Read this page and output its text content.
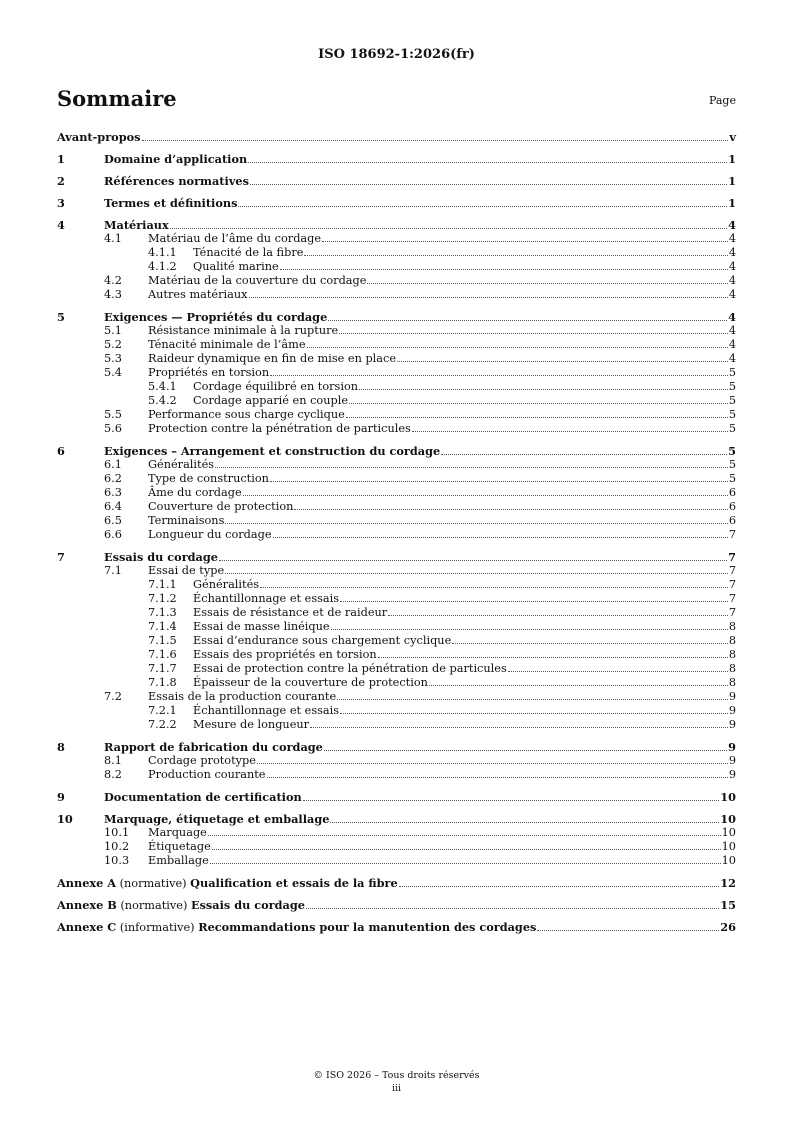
ISO 18692-1:2026(fr)
Sommaire	Page
Avant-propos	v
1	Domaine d’application	1
2	Références normatives	1
3	Termes et définitions	1
4	Matériaux	4
4.1 Matériau de l’âme du cordage	4
4.1.1 Ténacité de la fibre	4
4.1.2 Qualité marine	4
4.2 Matériau de la couverture du cordage	4
4.3 Autres matériaux	4
5	Exigences — Propriétés du cordage	4
5.1 Résistance minimale à la rupture	4
5.2 Ténacité minimale de l’âme	4
5.3 Raideur dynamique en fin de mise en place	4
5.4 Propriétés en torsion	5
5.4.1 Cordage équilibré en torsion	5
5.4.2 Cordage apparié en couple	5
5.5 Performance sous charge cyclique	5
5.6 Protection contre la pénétration de particules	5
6	Exigences – Arrangement et construction du cordage	5
6.1 Généralités	5
6.2 Type de construction	5
6.3 Âme du cordage	6
6.4 Couverture de protection	6
6.5 Terminaisons	6
6.6 Longueur du cordage	7
7	Essais du cordage	7
7.1 Essai de type	7
7.1.1 Généralités	7
7.1.2 Échantillonnage et essais	7
7.1.3 Essais de résistance et de raideur	7
7.1.4 Essai de masse linéique	8
7.1.5 Essai d’endurance sous chargement cyclique	8
7.1.6 Essais des propriétés en torsion	8
7.1.7 Essai de protection contre la pénétration de particules	8
7.1.8 Épaisseur de la couverture de protection	8
7.2 Essais de la production courante	9
7.2.1 Échantillonnage et essais	9
7.2.2 Mesure de longueur	9
8	Rapport de fabrication du cordage	9
8.1 Cordage prototype	9
8.2 Production courante	9
9	Documentation de certification	10
10	Marquage, étiquetage et emballage	10
10.1 Marquage	10
10.2 Étiquetage	10
10.3 Emballage	10
Annexe A (normative) Qualification et essais de la fibre	12
Annexe B (normative) Essais du cordage	15
Annexe C (informative) Recommandations pour la manutention des cordages	26
© ISO 2026 – Tous droits réservés
iii
